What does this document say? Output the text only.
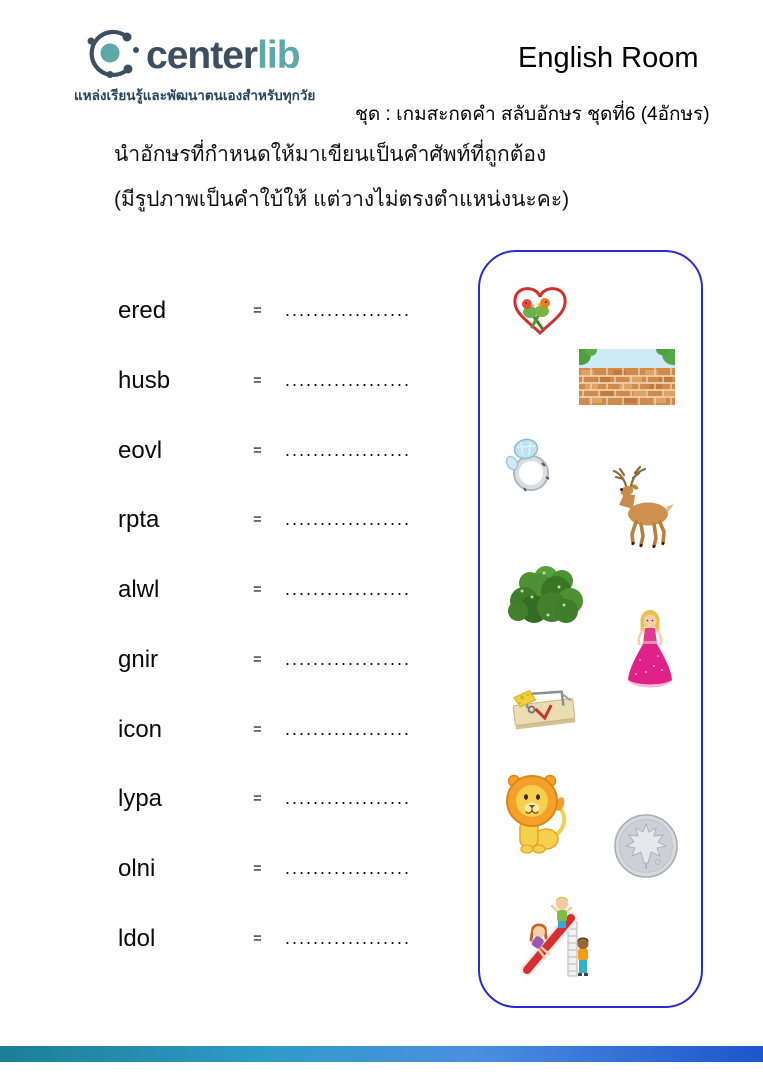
centerlib
แหล่งเรียนรู้และพัฒนาตนเองสำหรับทุกวัย
English Room
ชุด : เกมสะกดคำ สลับอักษร ชุดที่6 (4อักษร)
นำอักษรที่กำหนดให้มาเขียนเป็นคำศัพท์ที่ถูกต้อง
(มีรูปภาพเป็นคำใบ้ให้ แต่วางไม่ตรงตำแหน่งนะคะ)
ered	=	..................
husb	=	..................
eovl	=	..................
rpta	=	..................
alwl	=	..................
gnir	=	..................
icon	=	..................
lypa	=	..................
olni	=	..................
ldol	=	..................
